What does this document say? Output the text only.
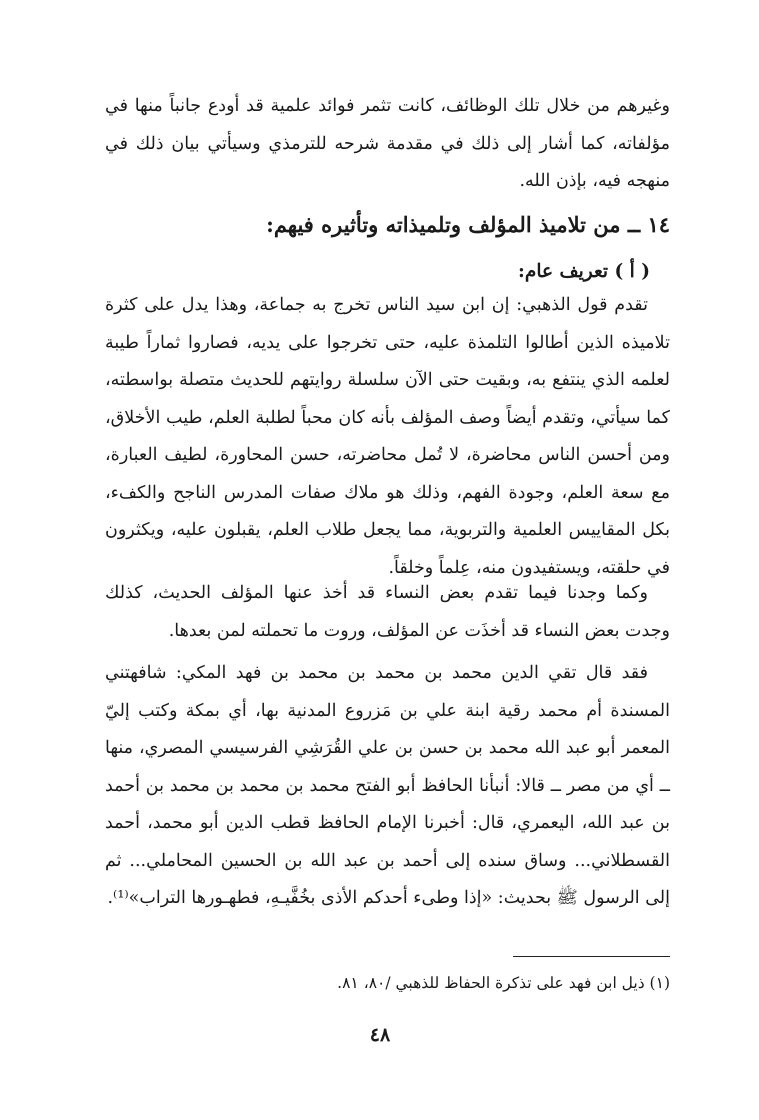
وغيرهم من خلال تلك الوظائف، كانت تثمر فوائد علمية قد أودع جانباً منها في مؤلفاته، كما أشار إلى ذلك في مقدمة شرحه للترمذي وسيأتي بيان ذلك في منهجه فيه، بإذن الله.

١٤ ــ من تلاميذ المؤلف وتلميذاته وتأثيره فيهم:
( أ ) تعريف عام:

تقدم قول الذهبي: إن ابن سيد الناس تخرج به جماعة، وهذا يدل على كثرة تلاميذه الذين أطالوا التلمذة عليه، حتى تخرجوا على يديه، فصاروا ثماراً طيبة لعلمه الذي ينتفع به، وبقيت حتى الآن سلسلة روايتهم للحديث متصلة بواسطته، كما سيأتي، وتقدم أيضاً وصف المؤلف بأنه كان محباً لطلبة العلم، طيب الأخلاق، ومن أحسن الناس محاضرة، لا تُمل محاضرته، حسن المحاورة، لطيف العبارة، مع سعة العلم، وجودة الفهم، وذلك هو ملاك صفات المدرس الناجح والكفء، بكل المقاييس العلمية والتربوية، مما يجعل طلاب العلم، يقبلون عليه، ويكثرون في حلقته، ويستفيدون منه، عِلماً وخلقاً.

وكما وجدنا فيما تقدم بعض النساء قد أخذ عنها المؤلف الحديث، كذلك وجدت بعض النساء قد أخذَت عن المؤلف، وروت ما تحملته لمن بعدها.

فقد قال تقي الدين محمد بن محمد بن محمد بن فهد المكي: شافهتني المسندة أم محمد رقية ابنة علي بن مَزروع المدنية بها، أي بمكة وكتب إليّ المعمر أبو عبد الله محمد بن حسن بن علي القُرَشِي الفرسيسي المصري، منها ــ أي من مصر ــ قالا: أنبأنا الحافظ أبو الفتح محمد بن محمد بن محمد بن أحمد بن عبد الله، اليعمري، قال: أخبرنا الإمام الحافظ قطب الدين أبو محمد، أحمد القسطلاني... وساق سنده إلى أحمد بن عبد الله بن الحسين المحاملي... ثم إلى الرسول ﷺ بحديث: «إذا وطىء أحدكم الأذى بخُفَّيـهِ، فطهـورها التراب»⁽¹⁾.

(١) ذيل ابن فهد على تذكرة الحفاظ للذهبي /٨٠، ٨١.

٤٨
